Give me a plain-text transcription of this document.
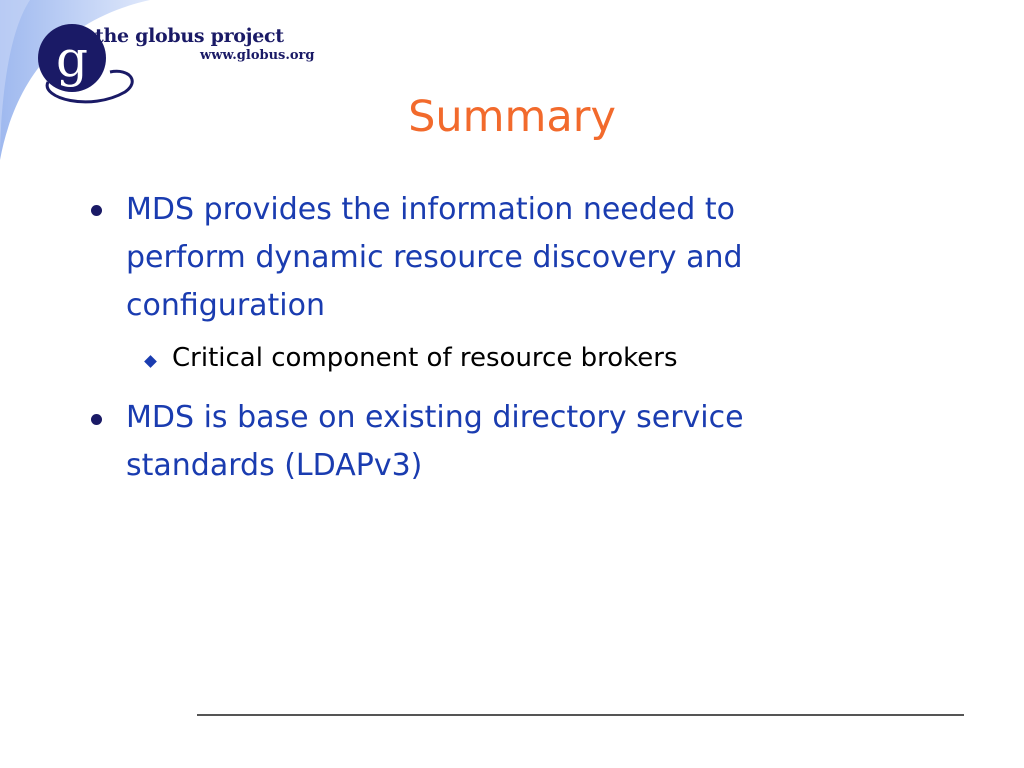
g the globus project
www.globus.org
Summary
MDS provides the information needed to
perform dynamic resource discovery and
configuration
Critical component of resource brokers
MDS is base on existing directory service
standards (LDAPv3)
